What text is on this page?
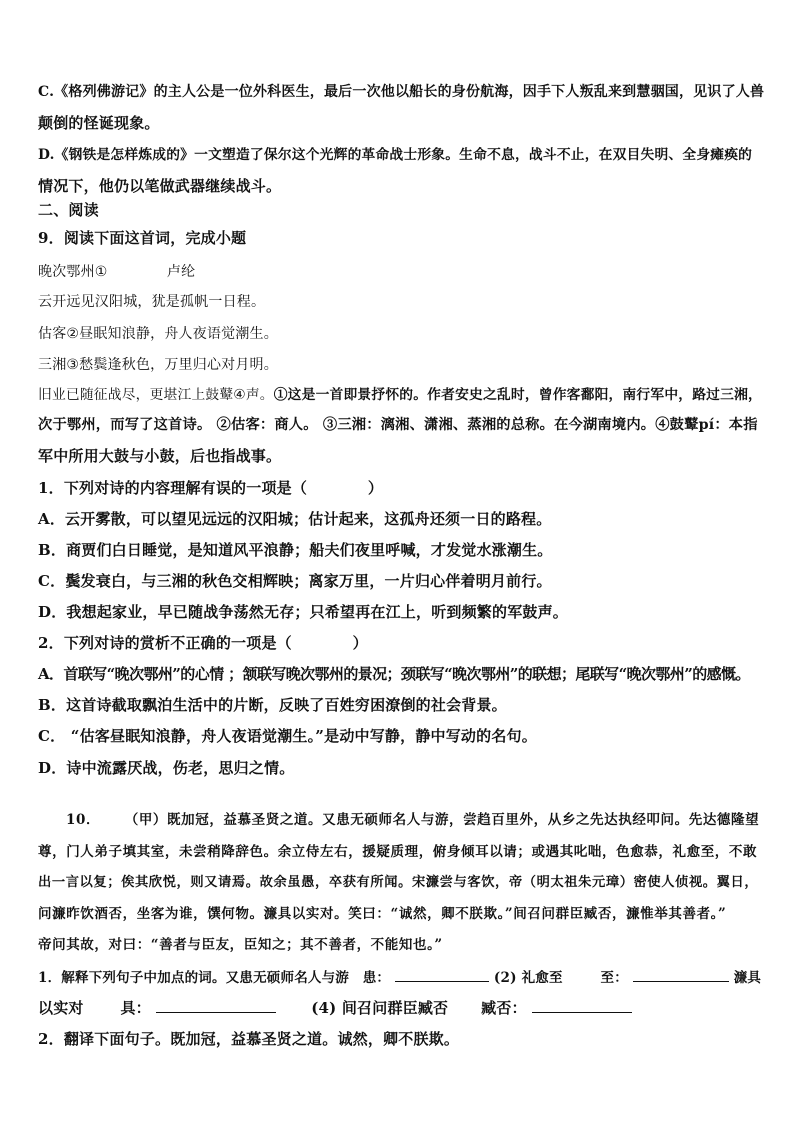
C.《格列佛游记》的主人公是一位外科医生，最后一次他以船长的身份航海，因手下人叛乱来到慧骃国，见识了人兽
颠倒的怪诞现象。
D.《钢铁是怎样炼成的》一文塑造了保尔这个光辉的革命战士形象。生命不息，战斗不止，在双目失明、全身瘫痪的
情况下，他仍以笔做武器继续战斗。
二、阅读
9．阅读下面这首词，完成小题
晚次鄂州①	卢纶
云开远见汉阳城，犹是孤帆一日程。
估客②昼眠知浪静，舟人夜语觉潮生。
三湘③愁鬓逢秋色，万里归心对月明。
旧业已随征战尽，更堪江上鼓鼙④声。①这是一首即景抒怀的。作者安史之乱时，曾作客鄱阳，南行军中，路过三湘，
次于鄂州，而写了这首诗。 ②估客：商人。 ③三湘：漓湘、潇湘、蒸湘的总称。在今湖南境内。④鼓鼙pí：本指
军中所用大鼓与小鼓，后也指战事。
1．下列对诗的内容理解有误的一项是（　　　　）
A．云开雾散，可以望见远远的汉阳城；估计起来，这孤舟还须一日的路程。
B．商贾们白日睡觉，是知道风平浪静；船夫们夜里呼喊，才发觉水涨潮生。
C．鬓发衰白，与三湘的秋色交相辉映；离家万里，一片归心伴着明月前行。
D．我想起家业，早已随战争荡然无存；只希望再在江上，听到频繁的军鼓声。
2．下列对诗的赏析不正确的一项是（　　　　）
A．首联写“晚次鄂州”的心情 ；颔联写晚次鄂州的景况；颈联写“晚次鄂州”的联想；尾联写“晚次鄂州”的感慨。
B．这首诗截取飘泊生活中的片断，反映了百姓穷困潦倒的社会背景。
C． “估客昼眠知浪静，舟人夜语觉潮生。”是动中写静，静中写动的名句。
D．诗中流露厌战，伤老，思归之情。
10． （甲）既加冠，益慕圣贤之道。又患无硕师名人与游，尝趋百里外，从乡之先达执经叩问。先达德隆望
尊，门人弟子填其室，未尝稍降辞色。余立侍左右，援疑质理，俯身倾耳以请；或遇其叱咄，色愈恭，礼愈至，不敢
出一言以复；俟其欣悦，则又请焉。故余虽愚，卒获有所闻。宋濂尝与客饮，帝（明太祖朱元璋）密使人侦视。翼日，
问濂昨饮酒否，坐客为谁，馔何物。濂具以实对。笑曰：“诚然，卿不朕欺。”间召问群臣臧否，濂惟举其善者。”
帝问其故，对曰：“善者与臣友，臣知之；其不善者，不能知也。”
1．解释下列句子中加点的词。又患无硕师名人与游　患：	(2) 礼愈至	至：	濂具
以实对 具：	(4) 间召问群臣臧否 臧否：
2．翻译下面句子。既加冠，益慕圣贤之道。诚然，卿不朕欺。
